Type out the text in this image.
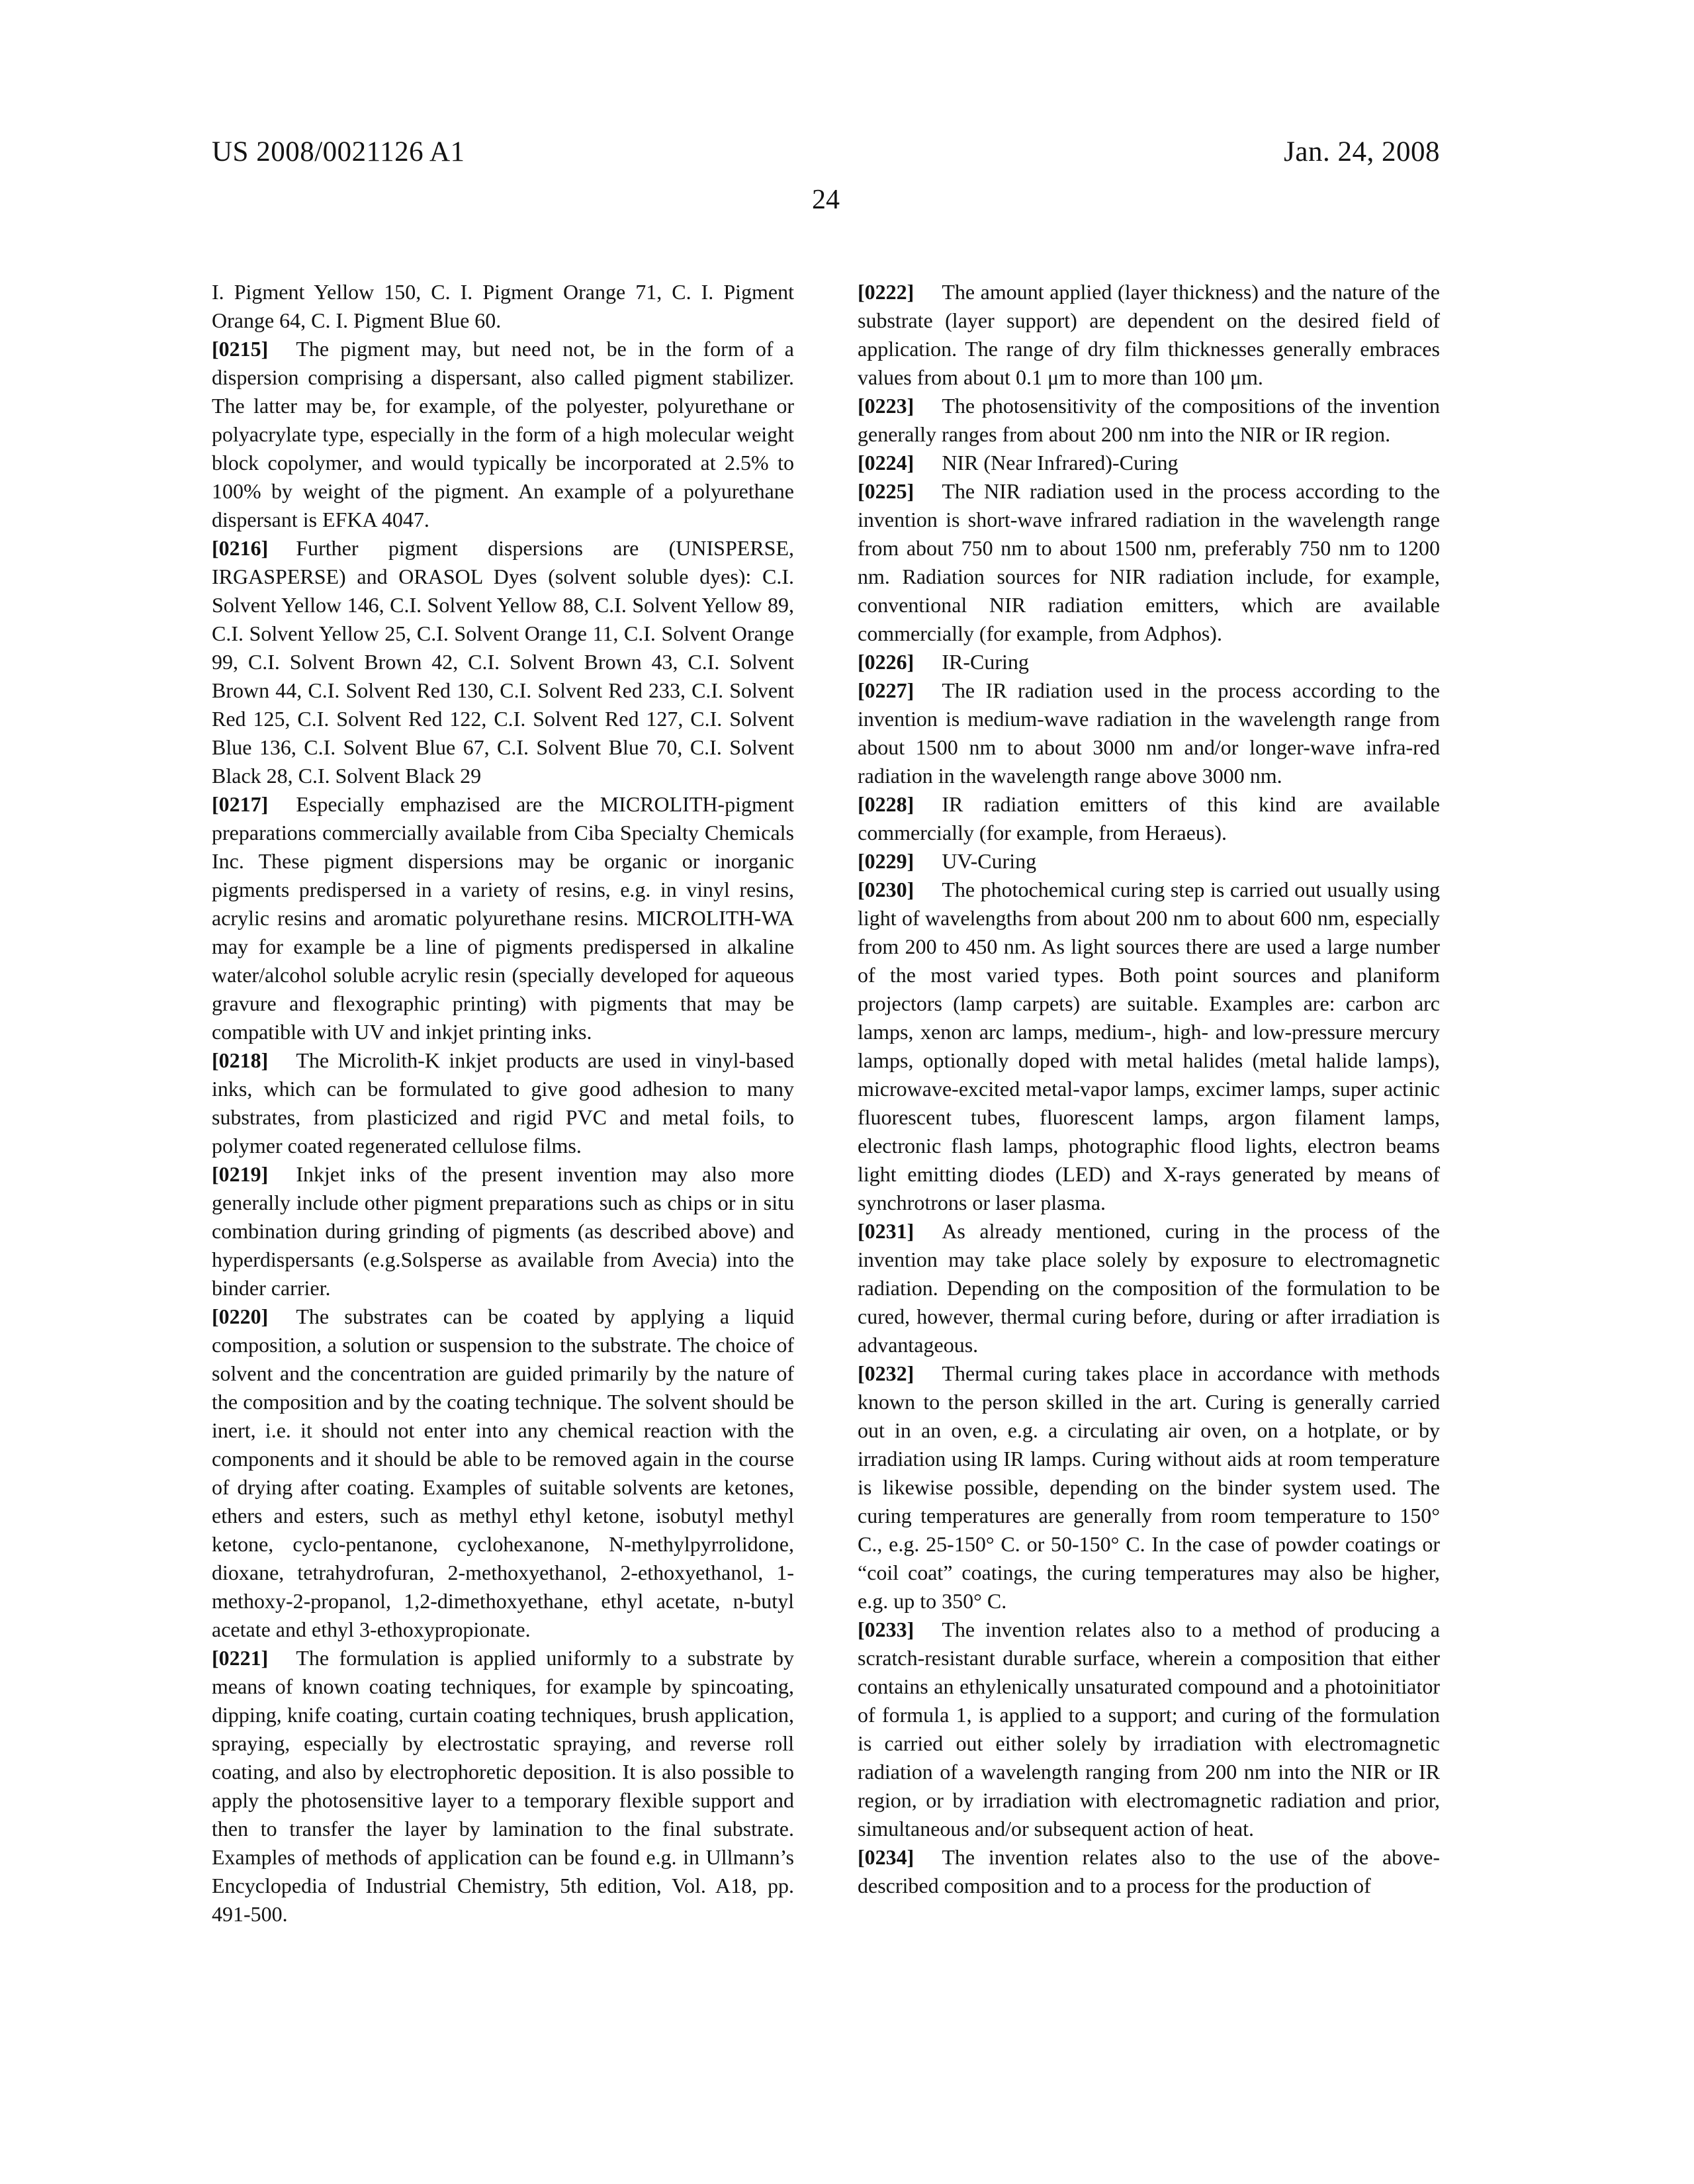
US 2008/0021126 A1	Jan. 24, 2008
24

I. Pigment Yellow 150, C. I. Pigment Orange 71, C. I. Pigment Orange 64, C. I. Pigment Blue 60.

[0215] The pigment may, but need not, be in the form of a dispersion comprising a dispersant, also called pigment stabilizer. The latter may be, for example, of the polyester, polyurethane or polyacrylate type, especially in the form of a high molecular weight block copolymer, and would typically be incorporated at 2.5% to 100% by weight of the pigment. An example of a polyurethane dispersant is EFKA 4047.

[0216] Further pigment dispersions are (UNISPERSE, IRGASPERSE) and ORASOL Dyes (solvent soluble dyes): C.I. Solvent Yellow 146, C.I. Solvent Yellow 88, C.I. Solvent Yellow 89, C.I. Solvent Yellow 25, C.I. Solvent Orange 11, C.I. Solvent Orange 99, C.I. Solvent Brown 42, C.I. Solvent Brown 43, C.I. Solvent Brown 44, C.I. Solvent Red 130, C.I. Solvent Red 233, C.I. Solvent Red 125, C.I. Solvent Red 122, C.I. Solvent Red 127, C.I. Solvent Blue 136, C.I. Solvent Blue 67, C.I. Solvent Blue 70, C.I. Solvent Black 28, C.I. Solvent Black 29

[0217] Especially emphazised are the MICROLITH-pigment preparations commercially available from Ciba Specialty Chemicals Inc. These pigment dispersions may be organic or inorganic pigments predispersed in a variety of resins, e.g. in vinyl resins, acrylic resins and aromatic polyurethane resins. MICROLITH-WA may for example be a line of pigments predispersed in alkaline water/alcohol soluble acrylic resin (specially developed for aqueous gravure and flexographic printing) with pigments that may be compatible with UV and inkjet printing inks.

[0218] The Microlith-K inkjet products are used in vinyl-based inks, which can be formulated to give good adhesion to many substrates, from plasticized and rigid PVC and metal foils, to polymer coated regenerated cellulose films.

[0219] Inkjet inks of the present invention may also more generally include other pigment preparations such as chips or in situ combination during grinding of pigments (as described above) and hyperdispersants (e.g.Solsperse as available from Avecia) into the binder carrier.

[0220] The substrates can be coated by applying a liquid composition, a solution or suspension to the substrate. The choice of solvent and the concentration are guided primarily by the nature of the composition and by the coating technique. The solvent should be inert, i.e. it should not enter into any chemical reaction with the components and it should be able to be removed again in the course of drying after coating. Examples of suitable solvents are ketones, ethers and esters, such as methyl ethyl ketone, isobutyl methyl ketone, cyclo-pentanone, cyclohexanone, N-methylpyrrolidone, dioxane, tetrahydrofuran, 2-methoxyethanol, 2-ethoxyethanol, 1-methoxy-2-propanol, 1,2-dimethoxyethane, ethyl acetate, n-butyl acetate and ethyl 3-ethoxypropionate.

[0221] The formulation is applied uniformly to a substrate by means of known coating techniques, for example by spincoating, dipping, knife coating, curtain coating techniques, brush application, spraying, especially by electrostatic spraying, and reverse roll coating, and also by electrophoretic deposition. It is also possible to apply the photosensitive layer to a temporary flexible support and then to transfer the layer by lamination to the final substrate. Examples of methods of application can be found e.g. in Ullmann’s Encyclopedia of Industrial Chemistry, 5th edition, Vol. A18, pp. 491-500.

[0222] The amount applied (layer thickness) and the nature of the substrate (layer support) are dependent on the desired field of application. The range of dry film thicknesses generally embraces values from about 0.1 μm to more than 100 μm.

[0223] The photosensitivity of the compositions of the invention generally ranges from about 200 nm into the NIR or IR region.

[0224] NIR (Near Infrared)-Curing

[0225] The NIR radiation used in the process according to the invention is short-wave infrared radiation in the wavelength range from about 750 nm to about 1500 nm, preferably 750 nm to 1200 nm. Radiation sources for NIR radiation include, for example, conventional NIR radiation emitters, which are available commercially (for example, from Adphos).

[0226] IR-Curing

[0227] The IR radiation used in the process according to the invention is medium-wave radiation in the wavelength range from about 1500 nm to about 3000 nm and/or longer-wave infra-red radiation in the wavelength range above 3000 nm.

[0228] IR radiation emitters of this kind are available commercially (for example, from Heraeus).

[0229] UV-Curing

[0230] The photochemical curing step is carried out usually using light of wavelengths from about 200 nm to about 600 nm, especially from 200 to 450 nm. As light sources there are used a large number of the most varied types. Both point sources and planiform projectors (lamp carpets) are suitable. Examples are: carbon arc lamps, xenon arc lamps, medium-, high- and low-pressure mercury lamps, optionally doped with metal halides (metal halide lamps), microwave-excited metal-vapor lamps, excimer lamps, super actinic fluorescent tubes, fluorescent lamps, argon filament lamps, electronic flash lamps, photographic flood lights, electron beams light emitting diodes (LED) and X-rays generated by means of synchrotrons or laser plasma.

[0231] As already mentioned, curing in the process of the invention may take place solely by exposure to electromagnetic radiation. Depending on the composition of the formulation to be cured, however, thermal curing before, during or after irradiation is advantageous.

[0232] Thermal curing takes place in accordance with methods known to the person skilled in the art. Curing is generally carried out in an oven, e.g. a circulating air oven, on a hotplate, or by irradiation using IR lamps. Curing without aids at room temperature is likewise possible, depending on the binder system used. The curing temperatures are generally from room temperature to 150° C., e.g. 25-150° C. or 50-150° C. In the case of powder coatings or “coil coat” coatings, the curing temperatures may also be higher, e.g. up to 350° C.

[0233] The invention relates also to a method of producing a scratch-resistant durable surface, wherein a composition that either contains an ethylenically unsaturated compound and a photoinitiator of formula 1, is applied to a support; and curing of the formulation is carried out either solely by irradiation with electromagnetic radiation of a wavelength ranging from 200 nm into the NIR or IR region, or by irradiation with electromagnetic radiation and prior, simultaneous and/or subsequent action of heat.

[0234] The invention relates also to the use of the above-described composition and to a process for the production of
